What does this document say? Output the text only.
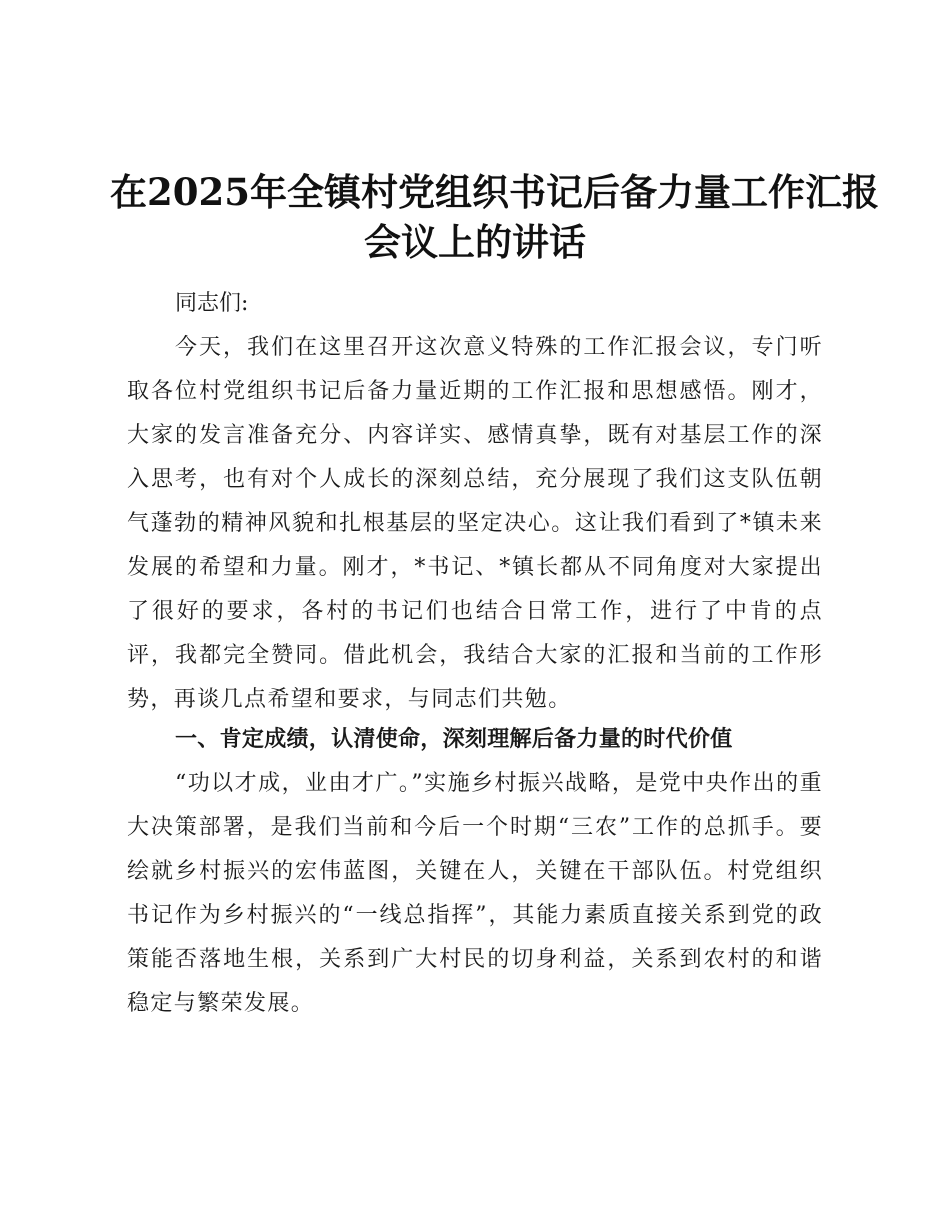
在2025年全镇村党组织书记后备力量工作汇报
会议上的讲话

同志们:

今天，我们在这里召开这次意义特殊的工作汇报会议，专门听取各位村党组织书记后备力量近期的工作汇报和思想感悟。刚才，大家的发言准备充分、内容详实、感情真挚，既有对基层工作的深入思考，也有对个人成长的深刻总结，充分展现了我们这支队伍朝气蓬勃的精神风貌和扎根基层的坚定决心。这让我们看到了*镇未来发展的希望和力量。刚才，*书记、*镇长都从不同角度对大家提出了很好的要求，各村的书记们也结合日常工作，进行了中肯的点评，我都完全赞同。借此机会，我结合大家的汇报和当前的工作形势，再谈几点希望和要求，与同志们共勉。

一、肯定成绩，认清使命，深刻理解后备力量的时代价值

“功以才成，业由才广。”实施乡村振兴战略，是党中央作出的重大决策部署，是我们当前和今后一个时期“三农”工作的总抓手。要绘就乡村振兴的宏伟蓝图，关键在人，关键在干部队伍。村党组织书记作为乡村振兴的“一线总指挥”，其能力素质直接关系到党的政策能否落地生根，关系到广大村民的切身利益，关系到农村的和谐稳定与繁荣发展。
